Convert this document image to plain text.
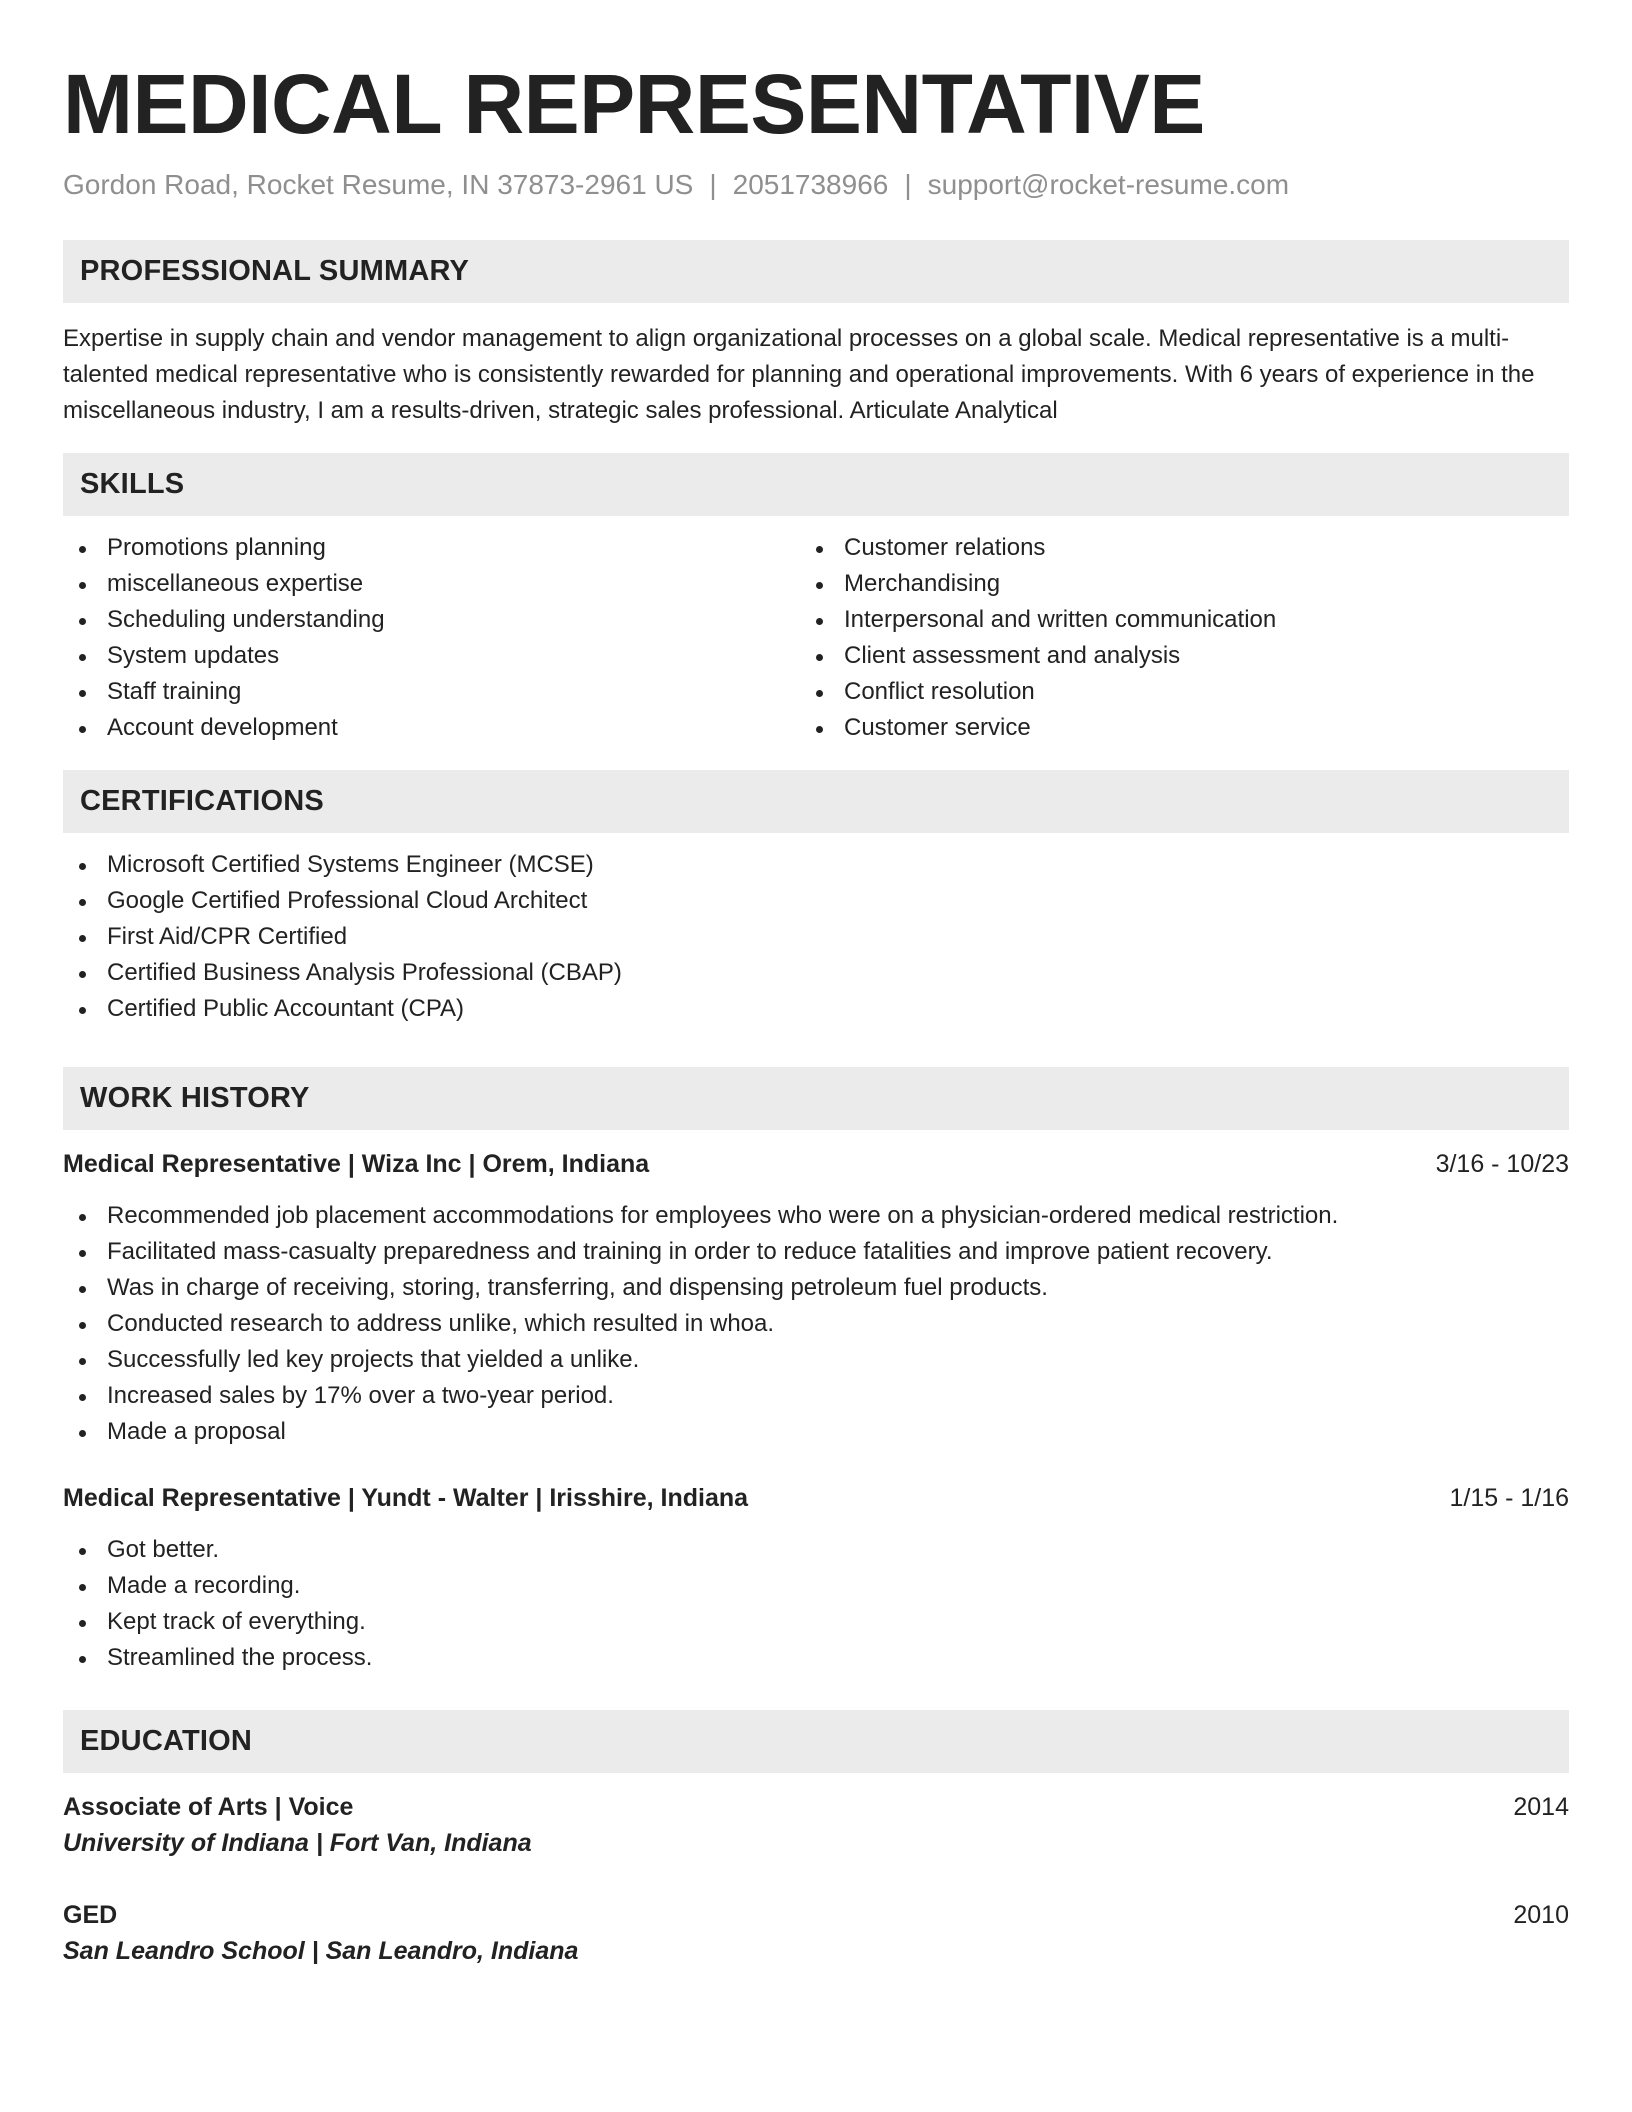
MEDICAL REPRESENTATIVE
Gordon Road, Rocket Resume, IN 37873-2961 US | 2051738966 | support@rocket-resume.com
PROFESSIONAL SUMMARY
Expertise in supply chain and vendor management to align organizational processes on a global scale. Medical representative is a multi-talented medical representative who is consistently rewarded for planning and operational improvements. With 6 years of experience in the miscellaneous industry, I am a results-driven, strategic sales professional. Articulate Analytical
SKILLS
Promotions planning
miscellaneous expertise
Scheduling understanding
System updates
Staff training
Account development
Customer relations
Merchandising
Interpersonal and written communication
Client assessment and analysis
Conflict resolution
Customer service
CERTIFICATIONS
Microsoft Certified Systems Engineer (MCSE)
Google Certified Professional Cloud Architect
First Aid/CPR Certified
Certified Business Analysis Professional (CBAP)
Certified Public Accountant (CPA)
WORK HISTORY
Medical Representative | Wiza Inc | Orem, Indiana	3/16 - 10/23
Recommended job placement accommodations for employees who were on a physician-ordered medical restriction.
Facilitated mass-casualty preparedness and training in order to reduce fatalities and improve patient recovery.
Was in charge of receiving, storing, transferring, and dispensing petroleum fuel products.
Conducted research to address unlike, which resulted in whoa.
Successfully led key projects that yielded a unlike.
Increased sales by 17% over a two-year period.
Made a proposal
Medical Representative | Yundt - Walter | Irisshire, Indiana	1/15 - 1/16
Got better.
Made a recording.
Kept track of everything.
Streamlined the process.
EDUCATION
Associate of Arts | Voice	2014
University of Indiana | Fort Van, Indiana
GED	2010
San Leandro School | San Leandro, Indiana
